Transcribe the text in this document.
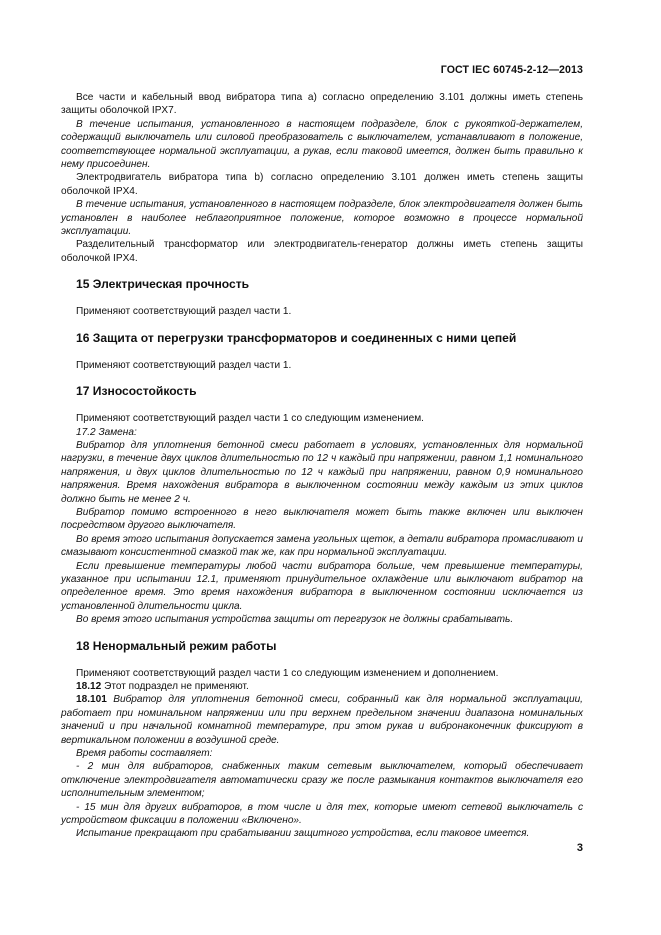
ГОСТ IEC 60745-2-12—2013

Все части и кабельный ввод вибратора типа а) согласно определению 3.101 должны иметь степень защиты оболочкой IPX7.

В течение испытания, установленного в настоящем подразделе, блок с рукояткой-держателем, содержащий выключатель или силовой преобразователь с выключателем, устанавливают в положение, соответствующее нормальной эксплуатации, а рукав, если таковой имеется, должен быть правильно к нему присоединен.

Электродвигатель вибратора типа b) согласно определению 3.101 должен иметь степень защиты оболочкой IPX4.

В течение испытания, установленного в настоящем подразделе, блок электродвигателя должен быть установлен в наиболее неблагоприятное положение, которое возможно в процессе нормальной эксплуатации.

Разделительный трансформатор или электродвигатель-генератор должны иметь степень защиты оболочкой IPX4.

15 Электрическая прочность

Применяют соответствующий раздел части 1.

16 Защита от перегрузки трансформаторов и соединенных с ними цепей

Применяют соответствующий раздел части 1.

17 Износостойкость

Применяют соответствующий раздел части 1 со следующим изменением.

17.2 Замена:

Вибратор для уплотнения бетонной смеси работает в условиях, установленных для нормальной нагрузки, в течение двух циклов длительностью по 12 ч каждый при напряжении, равном 1,1 номинального напряжения, и двух циклов длительностью по 12 ч каждый при напряжении, равном 0,9 номинального напряжения. Время нахождения вибратора в выключенном состоянии между каждым из этих циклов должно быть не менее 2 ч.

Вибратор помимо встроенного в него выключателя может быть также включен или выключен посредством другого выключателя.

Во время этого испытания допускается замена угольных щеток, а детали вибратора промасливают и смазывают консистентной смазкой так же, как при нормальной эксплуатации.

Если превышение температуры любой части вибратора больше, чем превышение температуры, указанное при испытании 12.1, применяют принудительное охлаждение или выключают вибратор на определенное время. Это время нахождения вибратора в выключенном состоянии исключается из установленной длительности цикла.

Во время этого испытания устройства защиты от перегрузок не должны срабатывать.

18 Ненормальный режим работы

Применяют соответствующий раздел части 1 со следующим изменением и дополнением.

18.12 Этот подраздел не применяют.

18.101 Вибратор для уплотнения бетонной смеси, собранный как для нормальной эксплуатации, работает при номинальном напряжении или при верхнем предельном значении диапазона номинальных значений и при начальной комнатной температуре, при этом рукав и вибронаконечник фиксируют в вертикальном положении в воздушной среде.

Время работы составляет:

- 2 мин для вибраторов, снабженных таким сетевым выключателем, который обеспечивает отключение электродвигателя автоматически сразу же после размыкания контактов выключателя его исполнительным элементом;

- 15 мин для других вибраторов, в том числе и для тех, которые имеют сетевой выключатель с устройством фиксации в положении «Включено».

Испытание прекращают при срабатывании защитного устройства, если таковое имеется.

3
